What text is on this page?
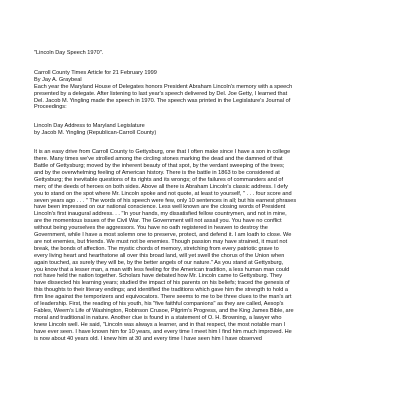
"Lincoln Day Speech 1970".

Carroll County Times Article for 21 February 1999
By Jay A. Graybeal
Each year the Maryland House of Delegates honors President Abraham Lincoln's memory with a speech
presented by a delegate. After listening to last year's speech delivered by Del. Joe Getty, I learned that
Del. Jacob M. Yingling made the speech in 1970. The speech was printed in the Legislature's Journal of
Proceedings:
Lincoln Day Address to Maryland Legislature
by Jacob M. Yingling (Republican-Carroll County)
It is an easy drive from Carroll County to Gettysburg, one that I often make since I have a son in college
there. Many times we've strolled among the circling stones marking the dead and the damned of that
Battle of Gettysburg; moved by the inherent beauty of that spot, by the verdant sweeping of the trees;
and by the overwhelming feeling of American history. There is the battle in 1863 to be considered at
Gettysburg; the inevitable questions of its rights and its wrongs; of the failures of commanders and of
men; of the deeds of heroes on both sides. Above all there is Abraham Lincoln's classic address. I defy
you to stand on the spot where Mr. Lincoln spoke and not quote, at least to yourself, " . . . four score and
seven years ago . . . " The words of his speech were few, only 10 sentences in all; but his earnest phrases
have been impressed on our national conscience. Less well known are the closing words of President
Lincoln's first inaugural address. . . "In your hands, my dissatisfied fellow countrymen, and not in mine,
are the momentous issues of the Civil War. The Government will not assail you. You have no conflict
without being yourselves the aggressors. You have no oath registered in heaven to destroy the
Government, while I have a most solemn one to preserve, protect, and defend it. I am loath to close. We
are not enemies, but friends. We must not be enemies. Though passion may have strained, it must not
break, the bonds of affection. The mystic chords of memory, stretching from every patriotic grave to
every living heart and hearthstone all over this broad land, will yet swell the chorus of the Union when
again touched, as surely they will be, by the better angels of our nature." As you stand at Gettysburg,
you know that a lesser man, a man with less feeling for the American tradition, a less human man could
not have held the nation together. Scholars have debated how Mr. Lincoln came to Gettysburg. They
have dissected his learning years; studied the impact of his parents on his beliefs; traced the genesis of
this thoughts to their literary endings; and identified the traditions which gave him the strength to hold a
firm line against the temporizers and equivocators. There seems to me to be three clues to the man's art
of leadership. First, the reading of his youth, his "five faithful companions" as they are called, Aesop's
Fables, Weem's Life of Washington, Robinson Crusoe, Pilgrim's Progress, and the King James Bible, are
moral and traditional in nature. Another clue is found in a statement of O. H. Browning, a lawyer who
knew Lincoln well. He said, "Lincoln was always a learner, and in that respect, the most notable man I
have ever seen. I have known him for 10 years, and every time I meet him I find him much improved. He
is now about 40 years old. I knew him at 30 and every time I have seen him I have observed
